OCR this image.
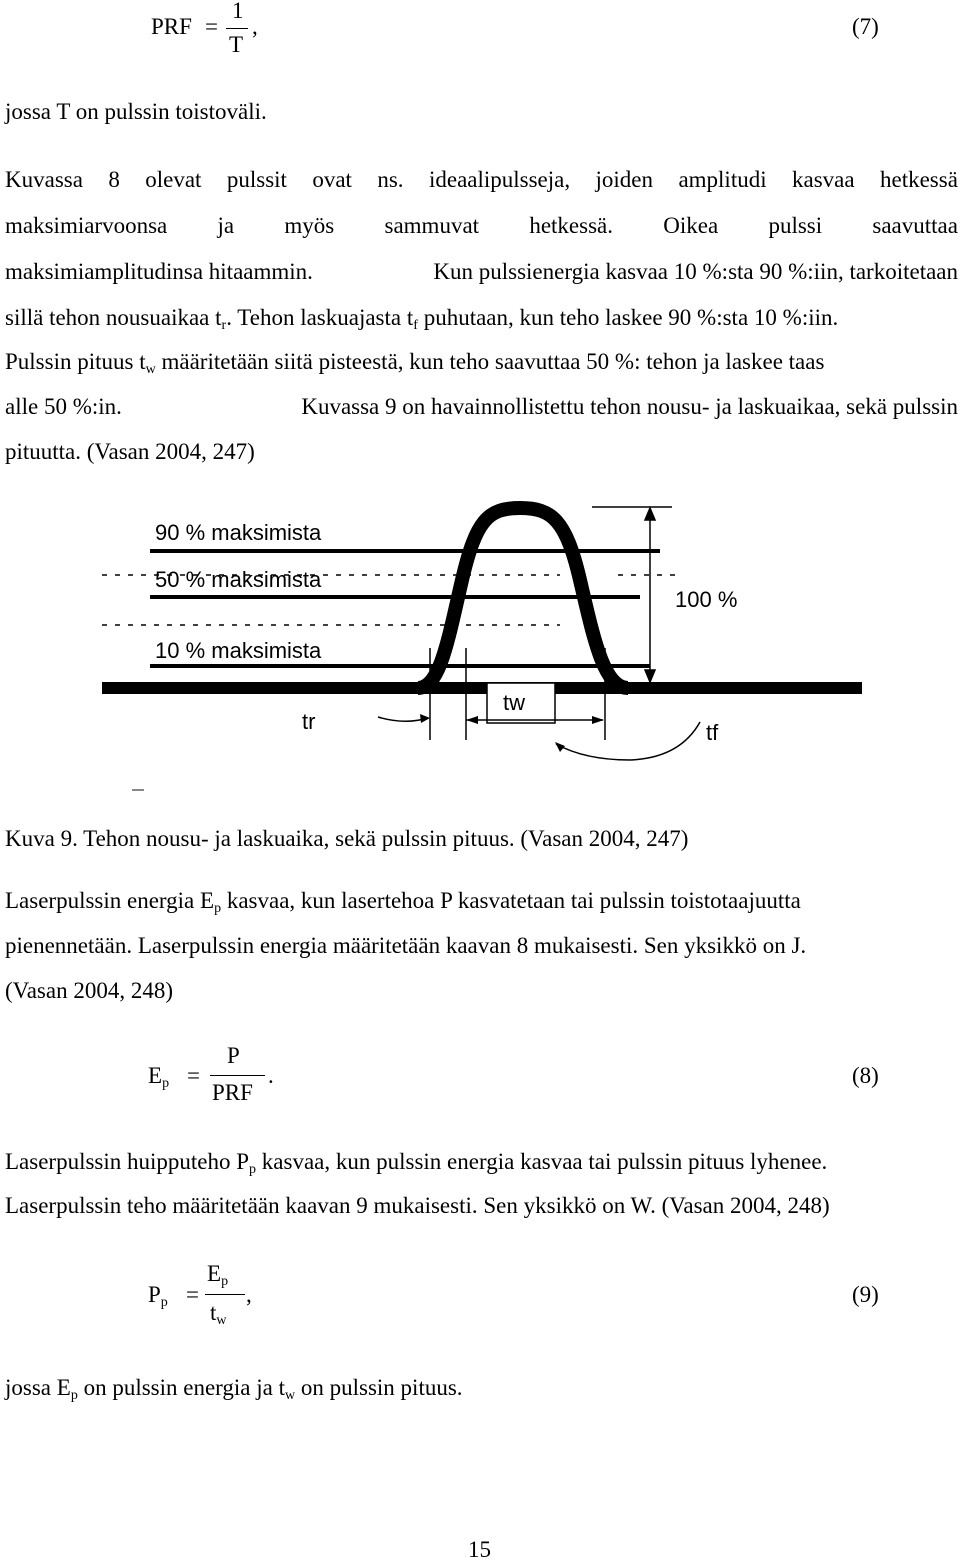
PRF =
1
T
,	(7)
jossa T on pulssin toistoväli.
Kuvassa 8 olevat pulssit ovat ns. ideaalipulsseja, joiden amplitudi kasvaa hetkessä
maksimiarvoonsa ja myös sammuvat hetkessä. Oikea pulssi saavuttaa
maksimiamplitudinsa hitaammin.	Kun pulssienergia kasvaa 10 %:sta 90 %:iin, tarkoitetaan
sillä tehon nousuaikaa $t_r$. Tehon laskuajasta $t_f$ puhutaan, kun teho laskee 90 %:sta 10 %:iin.
Pulssin pituus $t_w$ määritetään siitä pisteestä, kun teho saavuttaa 50 %: tehon ja laskee taas
alle 50 %:in.	Kuvassa 9 on havainnollistettu tehon nousu- ja laskuaikaa, sekä pulssin
pituutta. (Vasan 2004, 247)
90 % maksimista
50 % maksimista
10 % maksimista
100 %
tw
tr	tf
Kuva 9. Tehon nousu- ja laskuaika, sekä pulssin pituus. (Vasan 2004, 247)
Laserpulssin energia $E_p$ kasvaa, kun lasertehoa P kasvatetaan tai pulssin toistotaajuutta
pienennetään. Laserpulssin energia määritetään kaavan 8 mukaisesti. Sen yksikkö on J.
(Vasan 2004, 248)
$E_p$ =
P
PRF
.	(8)
Laserpulssin huipputeho $P_p$ kasvaa, kun pulssin energia kasvaa tai pulssin pituus lyhenee.
Laserpulssin teho määritetään kaavan 9 mukaisesti. Sen yksikkö on W. (Vasan 2004, 248)
$P_p$ =
$E_p$
$t_w$
,	(9)
jossa $E_p$ on pulssin energia ja $t_w$ on pulssin pituus.
15
